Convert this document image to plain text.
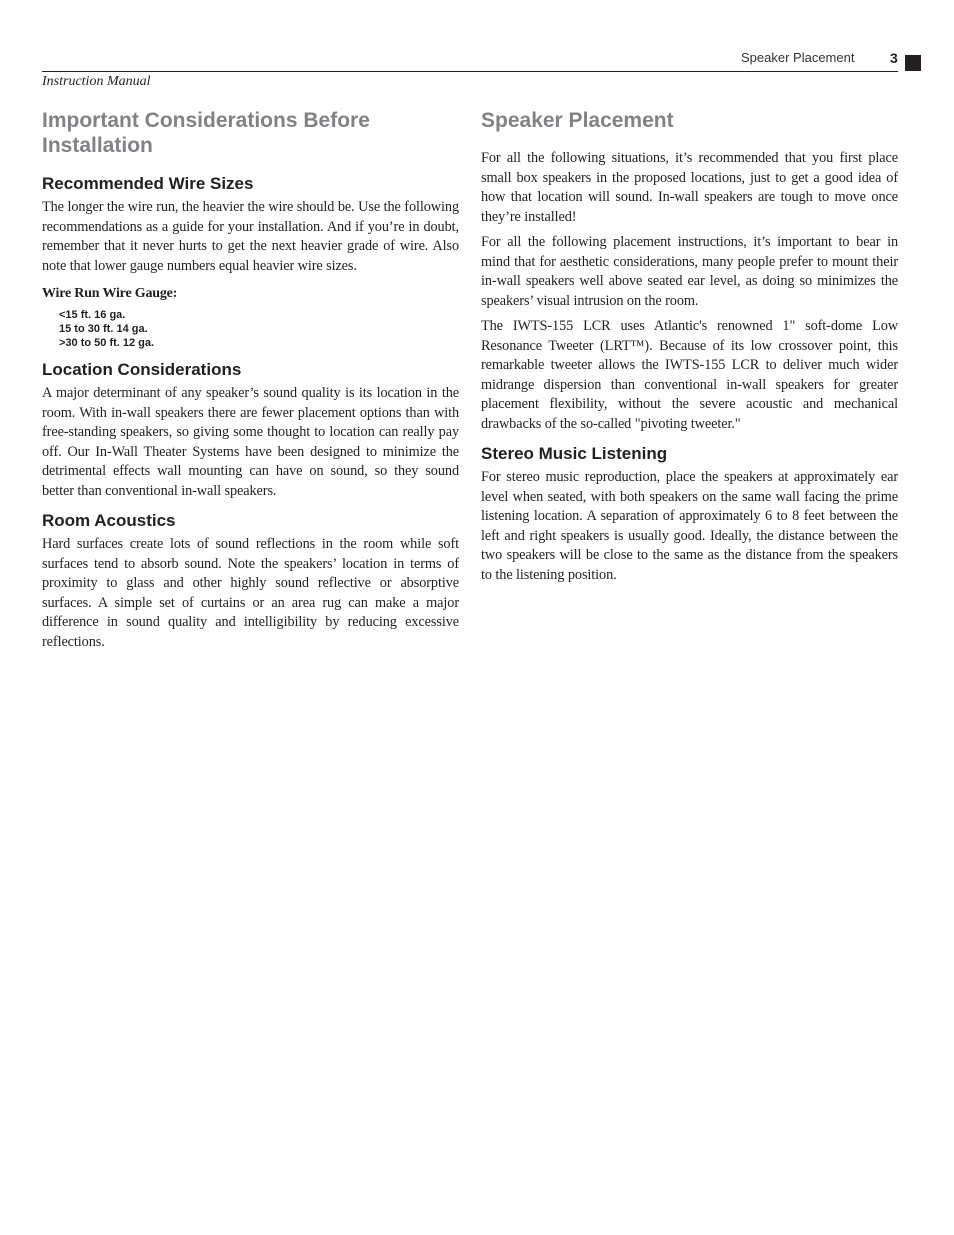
Speaker Placement	3
Instruction Manual
Important Considerations Before Installation
Recommended Wire Sizes

The longer the wire run, the heavier the wire should be. Use the following recommendations as a guide for your installation. And if you’re in doubt, remember that it never hurts to get the next heavier grade of wire. Also note that lower gauge numbers equal heavier wire sizes.

Wire Run Wire Gauge:
<15 ft. 16 ga.
15 to 30 ft. 14 ga.
>30 to 50 ft. 12 ga.
Location Considerations

A major determinant of any speaker’s sound quality is its location in the room. With in-wall speakers there are fewer placement options than with free-standing speakers, so giving some thought to location can really pay off. Our In-Wall Theater Systems have been designed to minimize the detrimental effects wall mounting can have on sound, so they sound better than conventional in-wall speakers.

Room Acoustics

Hard surfaces create lots of sound reflections in the room while soft surfaces tend to absorb sound. Note the speakers’ location in terms of proximity to glass and other highly sound reflective or absorptive surfaces. A simple set of curtains or an area rug can make a major difference in sound quality and intelligibility by reducing excessive reflections.

Speaker Placement

For all the following situations, it’s recommended that you first place small box speakers in the proposed locations, just to get a good idea of how that location will sound. In-wall speakers are tough to move once they’re installed!

For all the following placement instructions, it’s important to bear in mind that for aesthetic considerations, many people prefer to mount their in-wall speakers well above seated ear level, as doing so minimizes the speakers’ visual intrusion on the room.

The IWTS-155 LCR uses Atlantic's renowned 1" soft-dome Low Resonance Tweeter (LRT™). Because of its low crossover point, this remarkable tweeter allows the IWTS-155 LCR to deliver much wider midrange dispersion than conventional in-wall speakers for greater placement flexibility, without the severe acoustic and mechanical drawbacks of the so-called "pivoting tweeter."

Stereo Music Listening

For stereo music reproduction, place the speakers at approximately ear level when seated, with both speakers on the same wall facing the prime listening location. A separation of approximately 6 to 8 feet between the left and right speakers is usually good. Ideally, the distance between the two speakers will be close to the same as the distance from the speakers to the listening position.
